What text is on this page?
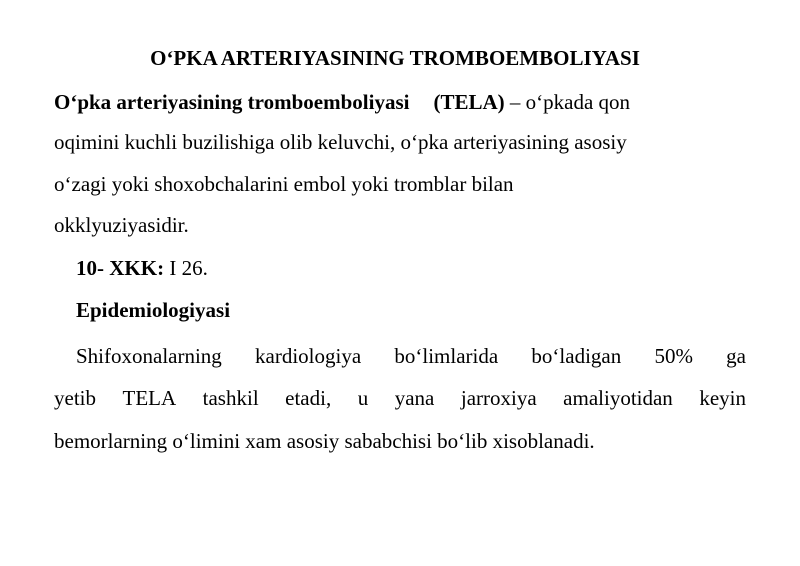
O‘PKA ARTERIYASINING TROMBOEMBOLIYASI
O‘pka arteriyasining tromboemboliyasi (TELA) – o‘pkada qon
oqimini kuchli buzilishiga olib keluvchi, o‘pka arteriyasining asosiy
o‘zagi yoki shoxobchalarini embol yoki tromblar bilan
okklyuziyasidir.
10- XKK: I 26.
Epidemiologiyasi
Shifoxonalarning kardiologiya bo‘limlarida bo‘ladigan 50% ga
yetib TELA tashkil etadi, u yana jarroxiya amaliyotidan keyin
bemorlarning o‘limini xam asosiy sababchisi bo‘lib xisoblanadi.
